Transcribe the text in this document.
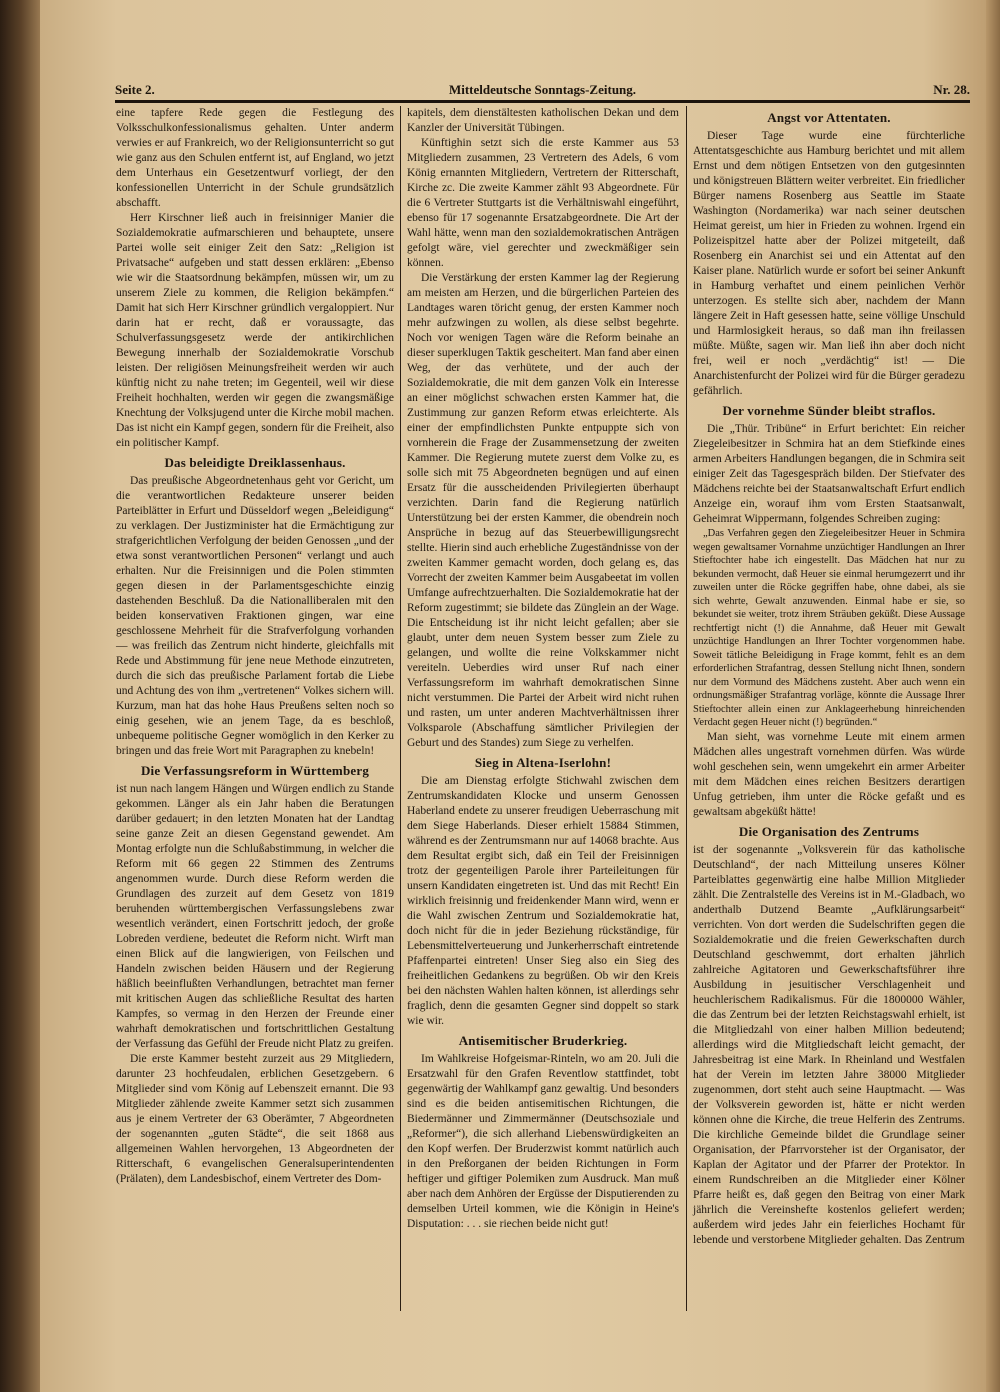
Seite 2.	Mitteldeutsche Sonntags-Zeitung.	Nr. 28.

eine tapfere Rede gegen die Festlegung des Volksschulkonfessionalismus gehalten. Unter anderm verwies er auf Frankreich, wo der Religionsunterricht so gut wie ganz aus den Schulen entfernt ist, auf England, wo jetzt dem Unterhaus ein Gesetzentwurf vorliegt, der den konfessionellen Unterricht in der Schule grundsätzlich abschafft.

Herr Kirschner ließ auch in freisinniger Manier die Sozialdemokratie aufmarschieren und behauptete, unsere Partei wolle seit einiger Zeit den Satz: „Religion ist Privatsache“ aufgeben und statt dessen erklären: „Ebenso wie wir die Staatsordnung bekämpfen, müssen wir, um zu unserem Ziele zu kommen, die Religion bekämpfen.“ Damit hat sich Herr Kirschner gründlich vergaloppiert. Nur darin hat er recht, daß er voraussagte, das Schulverfassungsgesetz werde der antikirchlichen Bewegung innerhalb der Sozialdemokratie Vorschub leisten. Der religiösen Meinungsfreiheit werden wir auch künftig nicht zu nahe treten; im Gegenteil, weil wir diese Freiheit hochhalten, werden wir gegen die zwangsmäßige Knechtung der Volksjugend unter die Kirche mobil machen. Das ist nicht ein Kampf gegen, sondern für die Freiheit, also ein politischer Kampf.

Das beleidigte Dreiklassenhaus.

Das preußische Abgeordnetenhaus geht vor Gericht, um die verantwortlichen Redakteure unserer beiden Parteiblätter in Erfurt und Düsseldorf wegen „Beleidigung“ zu verklagen. Der Justizminister hat die Ermächtigung zur strafgerichtlichen Verfolgung der beiden Genossen „und der etwa sonst verantwortlichen Personen“ verlangt und auch erhalten. Nur die Freisinnigen und die Polen stimmten gegen diesen in der Parlamentsgeschichte einzig dastehenden Beschluß. Da die Nationalliberalen mit den beiden konservativen Fraktionen gingen, war eine geschlossene Mehrheit für die Strafverfolgung vorhanden — was freilich das Zentrum nicht hinderte, gleichfalls mit Rede und Abstimmung für jene neue Methode einzutreten, durch die sich das preußische Parlament fortab die Liebe und Achtung des von ihm „vertretenen“ Volkes sichern will. Kurzum, man hat das hohe Haus Preußens selten noch so einig gesehen, wie an jenem Tage, da es beschloß, unbequeme politische Gegner womöglich in den Kerker zu bringen und das freie Wort mit Paragraphen zu knebeln!

Die Verfassungsreform in Württemberg

ist nun nach langem Hängen und Würgen endlich zu Stande gekommen. Länger als ein Jahr haben die Beratungen darüber gedauert; in den letzten Monaten hat der Landtag seine ganze Zeit an diesen Gegenstand gewendet. Am Montag erfolgte nun die Schlußabstimmung, in welcher die Reform mit 66 gegen 22 Stimmen des Zentrums angenommen wurde. Durch diese Reform werden die Grundlagen des zurzeit auf dem Gesetz von 1819 beruhenden württembergischen Verfassungslebens zwar wesentlich verändert, einen Fortschritt jedoch, der große Lobreden verdiene, bedeutet die Reform nicht. Wirft man einen Blick auf die langwierigen, von Feilschen und Handeln zwischen beiden Häusern und der Regierung häßlich beeinflußten Verhandlungen, betrachtet man ferner mit kritischen Augen das schließliche Resultat des harten Kampfes, so vermag in den Herzen der Freunde einer wahrhaft demokratischen und fortschrittlichen Gestaltung der Verfassung das Gefühl der Freude nicht Platz zu greifen.

Die erste Kammer besteht zurzeit aus 29 Mitgliedern, darunter 23 hochfeudalen, erblichen Gesetzgebern. 6 Mitglieder sind vom König auf Lebenszeit ernannt. Die 93 Mitglieder zählende zweite Kammer setzt sich zusammen aus je einem Vertreter der 63 Oberämter, 7 Abgeordneten der sogenannten „guten Städte“, die seit 1868 aus allgemeinen Wahlen hervorgehen, 13 Abgeordneten der Ritterschaft, 6 evangelischen Generalsuperintendenten (Prälaten), dem Landesbischof, einem Vertreter des Dom-

kapitels, dem dienstältesten katholischen Dekan und dem Kanzler der Universität Tübingen.

Künftighin setzt sich die erste Kammer aus 53 Mitgliedern zusammen, 23 Vertretern des Adels, 6 vom König ernannten Mitgliedern, Vertretern der Ritterschaft, Kirche zc. Die zweite Kammer zählt 93 Abgeordnete. Für die 6 Vertreter Stuttgarts ist die Verhältniswahl eingeführt, ebenso für 17 sogenannte Ersatzabgeordnete. Die Art der Wahl hätte, wenn man den sozialdemokratischen Anträgen gefolgt wäre, viel gerechter und zweckmäßiger sein können.

Die Verstärkung der ersten Kammer lag der Regierung am meisten am Herzen, und die bürgerlichen Parteien des Landtages waren töricht genug, der ersten Kammer noch mehr aufzwingen zu wollen, als diese selbst begehrte. Noch vor wenigen Tagen wäre die Reform beinahe an dieser superklugen Taktik gescheitert. Man fand aber einen Weg, der das verhütete, und der auch der Sozialdemokratie, die mit dem ganzen Volk ein Interesse an einer möglichst schwachen ersten Kammer hat, die Zustimmung zur ganzen Reform etwas erleichterte. Als einer der empfindlichsten Punkte entpuppte sich von vornherein die Frage der Zusammensetzung der zweiten Kammer. Die Regierung mutete zuerst dem Volke zu, es solle sich mit 75 Abgeordneten begnügen und auf einen Ersatz für die ausscheidenden Privilegierten überhaupt verzichten. Darin fand die Regierung natürlich Unterstützung bei der ersten Kammer, die obendrein noch Ansprüche in bezug auf das Steuerbewilligungsrecht stellte. Hierin sind auch erhebliche Zugeständnisse von der zweiten Kammer gemacht worden, doch gelang es, das Vorrecht der zweiten Kammer beim Ausgabeetat im vollen Umfange aufrechtzuerhalten. Die Sozialdemokratie hat der Reform zugestimmt; sie bildete das Zünglein an der Wage. Die Entscheidung ist ihr nicht leicht gefallen; aber sie glaubt, unter dem neuen System besser zum Ziele zu gelangen, und wollte die reine Volkskammer nicht vereiteln. Ueberdies wird unser Ruf nach einer Verfassungsreform im wahrhaft demokratischen Sinne nicht verstummen. Die Partei der Arbeit wird nicht ruhen und rasten, um unter anderen Machtverhältnissen ihrer Volksparole (Abschaffung sämtlicher Privilegien der Geburt und des Standes) zum Siege zu verhelfen.

Sieg in Altena-Iserlohn!

Die am Dienstag erfolgte Stichwahl zwischen dem Zentrumskandidaten Klocke und unserm Genossen Haberland endete zu unserer freudigen Ueberraschung mit dem Siege Haberlands. Dieser erhielt 15884 Stimmen, während es der Zentrumsmann nur auf 14068 brachte. Aus dem Resultat ergibt sich, daß ein Teil der Freisinnigen trotz der gegenteiligen Parole ihrer Parteileitungen für unsern Kandidaten eingetreten ist. Und das mit Recht! Ein wirklich freisinnig und freidenkender Mann wird, wenn er die Wahl zwischen Zentrum und Sozialdemokratie hat, doch nicht für die in jeder Beziehung rückständige, für Lebensmittelverteuerung und Junkerherrschaft eintretende Pfaffenpartei eintreten! Unser Sieg also ein Sieg des freiheitlichen Gedankens zu begrüßen. Ob wir den Kreis bei den nächsten Wahlen halten können, ist allerdings sehr fraglich, denn die gesamten Gegner sind doppelt so stark wie wir.

Antisemitischer Bruderkrieg.

Im Wahlkreise Hofgeismar-Rinteln, wo am 20. Juli die Ersatzwahl für den Grafen Reventlow stattfindet, tobt gegenwärtig der Wahlkampf ganz gewaltig. Und besonders sind es die beiden antisemitischen Richtungen, die Biedermänner und Zimmermänner (Deutschsoziale und „Reformer“), die sich allerhand Liebenswürdigkeiten an den Kopf werfen. Der Bruderzwist kommt natürlich auch in den Preßorganen der beiden Richtungen in Form heftiger und giftiger Polemiken zum Ausdruck. Man muß aber nach dem Anhören der Ergüsse der Disputierenden zu demselben Urteil kommen, wie die Königin in Heine's Disputation: . . . sie riechen beide nicht gut!

Angst vor Attentaten.

Dieser Tage wurde eine fürchterliche Attentatsgeschichte aus Hamburg berichtet und mit allem Ernst und dem nötigen Entsetzen von den gutgesinnten und königstreuen Blättern weiter verbreitet. Ein friedlicher Bürger namens Rosenberg aus Seattle im Staate Washington (Nordamerika) war nach seiner deutschen Heimat gereist, um hier in Frieden zu wohnen. Irgend ein Polizeispitzel hatte aber der Polizei mitgeteilt, daß Rosenberg ein Anarchist sei und ein Attentat auf den Kaiser plane. Natürlich wurde er sofort bei seiner Ankunft in Hamburg verhaftet und einem peinlichen Verhör unterzogen. Es stellte sich aber, nachdem der Mann längere Zeit in Haft gesessen hatte, seine völlige Unschuld und Harmlosigkeit heraus, so daß man ihn freilassen müßte. Müßte, sagen wir. Man ließ ihn aber doch nicht frei, weil er noch „verdächtig“ ist! — Die Anarchistenfurcht der Polizei wird für die Bürger geradezu gefährlich.

Der vornehme Sünder bleibt straflos.

Die „Thür. Tribüne“ in Erfurt berichtet: Ein reicher Ziegeleibesitzer in Schmira hat an dem Stiefkinde eines armen Arbeiters Handlungen begangen, die in Schmira seit einiger Zeit das Tagesgespräch bilden. Der Stiefvater des Mädchens reichte bei der Staatsanwaltschaft Erfurt endlich Anzeige ein, worauf ihm vom Ersten Staatsanwalt, Geheimrat Wippermann, folgendes Schreiben zuging:

„Das Verfahren gegen den Ziegeleibesitzer Heuer in Schmira wegen gewaltsamer Vornahme unzüchtiger Handlungen an Ihrer Stieftochter habe ich eingestellt. Das Mädchen hat nur zu bekunden vermocht, daß Heuer sie einmal herumgezerrt und ihr zuweilen unter die Röcke gegriffen habe, ohne dabei, als sie sich wehrte, Gewalt anzuwenden. Einmal habe er sie, so bekundet sie weiter, trotz ihrem Sträuben geküßt. Diese Aussage rechtfertigt nicht (!) die Annahme, daß Heuer mit Gewalt unzüchtige Handlungen an Ihrer Tochter vorgenommen habe. Soweit tätliche Beleidigung in Frage kommt, fehlt es an dem erforderlichen Strafantrag, dessen Stellung nicht Ihnen, sondern nur dem Vormund des Mädchens zusteht. Aber auch wenn ein ordnungsmäßiger Strafantrag vorläge, könnte die Aussage Ihrer Stieftochter allein einen zur Anklageerhebung hinreichenden Verdacht gegen Heuer nicht (!) begründen.“

Man sieht, was vornehme Leute mit einem armen Mädchen alles ungestraft vornehmen dürfen. Was würde wohl geschehen sein, wenn umgekehrt ein armer Arbeiter mit dem Mädchen eines reichen Besitzers derartigen Unfug getrieben, ihm unter die Röcke gefaßt und es gewaltsam abgeküßt hätte!

Die Organisation des Zentrums

ist der sogenannte „Volksverein für das katholische Deutschland“, der nach Mitteilung unseres Kölner Parteiblattes gegenwärtig eine halbe Million Mitglieder zählt. Die Zentralstelle des Vereins ist in M.-Gladbach, wo anderthalb Dutzend Beamte „Aufklärungsarbeit“ verrichten. Von dort werden die Sudelschriften gegen die Sozialdemokratie und die freien Gewerkschaften durch Deutschland geschwemmt, dort erhalten jährlich zahlreiche Agitatoren und Gewerkschaftsführer ihre Ausbildung in jesuitischer Verschlagenheit und heuchlerischem Radikalismus. Für die 1800000 Wähler, die das Zentrum bei der letzten Reichstagswahl erhielt, ist die Mitgliedzahl von einer halben Million bedeutend; allerdings wird die Mitgliedschaft leicht gemacht, der Jahresbeitrag ist eine Mark. In Rheinland und Westfalen hat der Verein im letzten Jahre 38000 Mitglieder zugenommen, dort steht auch seine Hauptmacht. — Was der Volksverein geworden ist, hätte er nicht werden können ohne die Kirche, die treue Helferin des Zentrums. Die kirchliche Gemeinde bildet die Grundlage seiner Organisation, der Pfarrvorsteher ist der Organisator, der Kaplan der Agitator und der Pfarrer der Protektor. In einem Rundschreiben an die Mitglieder einer Kölner Pfarre heißt es, daß gegen den Beitrag von einer Mark jährlich die Vereinshefte kostenlos geliefert werden; außerdem wird jedes Jahr ein feierliches Hochamt für lebende und verstorbene Mitglieder gehalten. Das Zentrum
